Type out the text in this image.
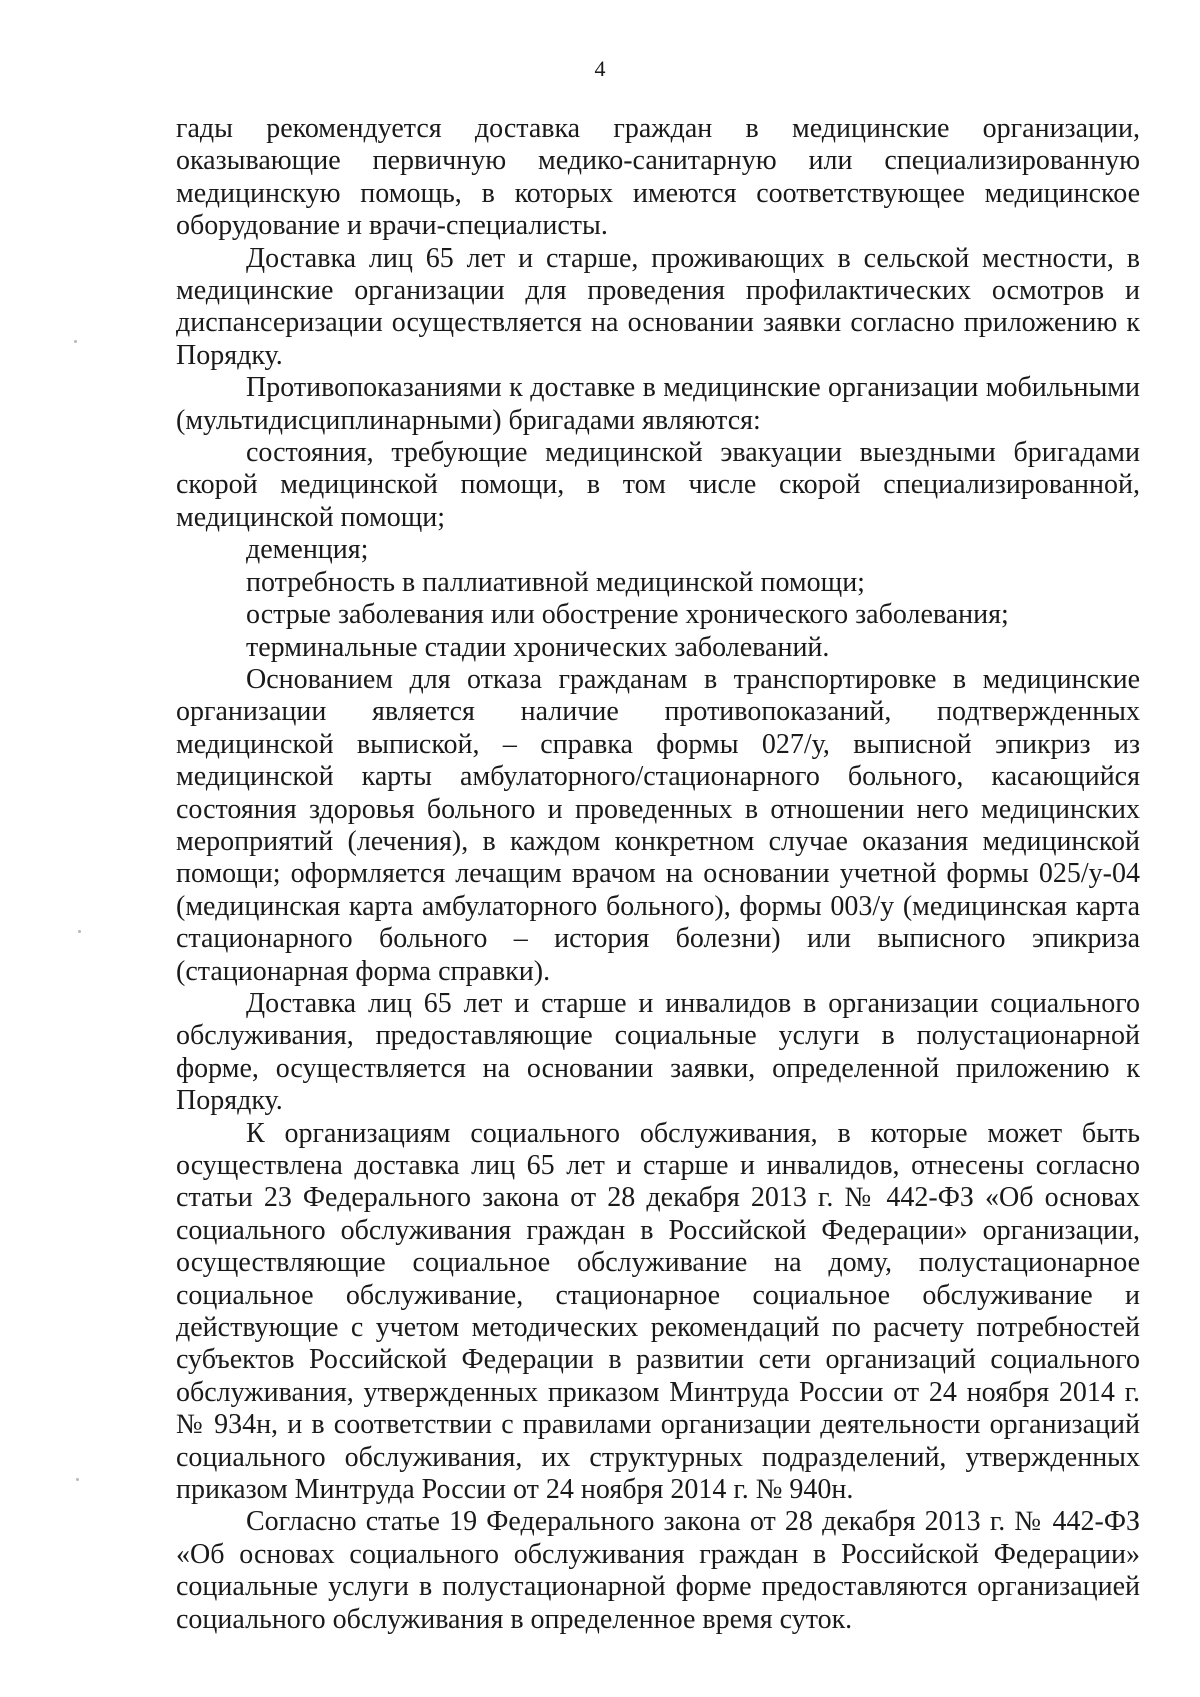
4

гады рекомендуется доставка граждан в медицинские организации, оказывающие первичную медико-санитарную или специализированную медицинскую помощь, в которых имеются соответствующее медицинское оборудование и врачи-специалисты.

Доставка лиц 65 лет и старше, проживающих в сельской местности, в медицинские организации для проведения профилактических осмотров и диспансеризации осуществляется на основании заявки согласно приложению к Порядку.

Противопоказаниями к доставке в медицинские организации мобильными (мультидисциплинарными) бригадами являются:

состояния, требующие медицинской эвакуации выездными бригадами скорой медицинской помощи, в том числе скорой специализированной, медицинской помощи;

деменция;

потребность в паллиативной медицинской помощи;

острые заболевания или обострение хронического заболевания;

терминальные стадии хронических заболеваний.

Основанием для отказа гражданам в транспортировке в медицинские организации является наличие противопоказаний, подтвержденных медицинской выпиской, – справка формы 027/у, выписной эпикриз из медицинской карты амбулаторного/стационарного больного, касающийся состояния здоровья больного и проведенных в отношении него медицинских мероприятий (лечения), в каждом конкретном случае оказания медицинской помощи; оформляется лечащим врачом на основании учетной формы 025/у-04 (медицинская карта амбулаторного больного), формы 003/у (медицинская карта стационарного больного – история болезни) или выписного эпикриза (стационарная форма справки).

Доставка лиц 65 лет и старше и инвалидов в организации социального обслуживания, предоставляющие социальные услуги в полустационарной форме, осуществляется на основании заявки, определенной приложению к Порядку.

К организациям социального обслуживания, в которые может быть осуществлена доставка лиц 65 лет и старше и инвалидов, отнесены согласно статьи 23 Федерального закона от 28 декабря 2013 г. № 442-ФЗ «Об основах социального обслуживания граждан в Российской Федерации» организации, осуществляющие социальное обслуживание на дому, полустационарное социальное обслуживание, стационарное социальное обслуживание и действующие с учетом методических рекомендаций по расчету потребностей субъектов Российской Федерации в развитии сети организаций социального обслуживания, утвержденных приказом Минтруда России от 24 ноября 2014 г. № 934н, и в соответствии с правилами организации деятельности организаций социального обслуживания, их структурных подразделений, утвержденных приказом Минтруда России от 24 ноября 2014 г. № 940н.

Согласно статье 19 Федерального закона от 28 декабря 2013 г. № 442-ФЗ «Об основах социального обслуживания граждан в Российской Федерации» социальные услуги в полустационарной форме предоставляются организацией социального обслуживания в определенное время суток.
